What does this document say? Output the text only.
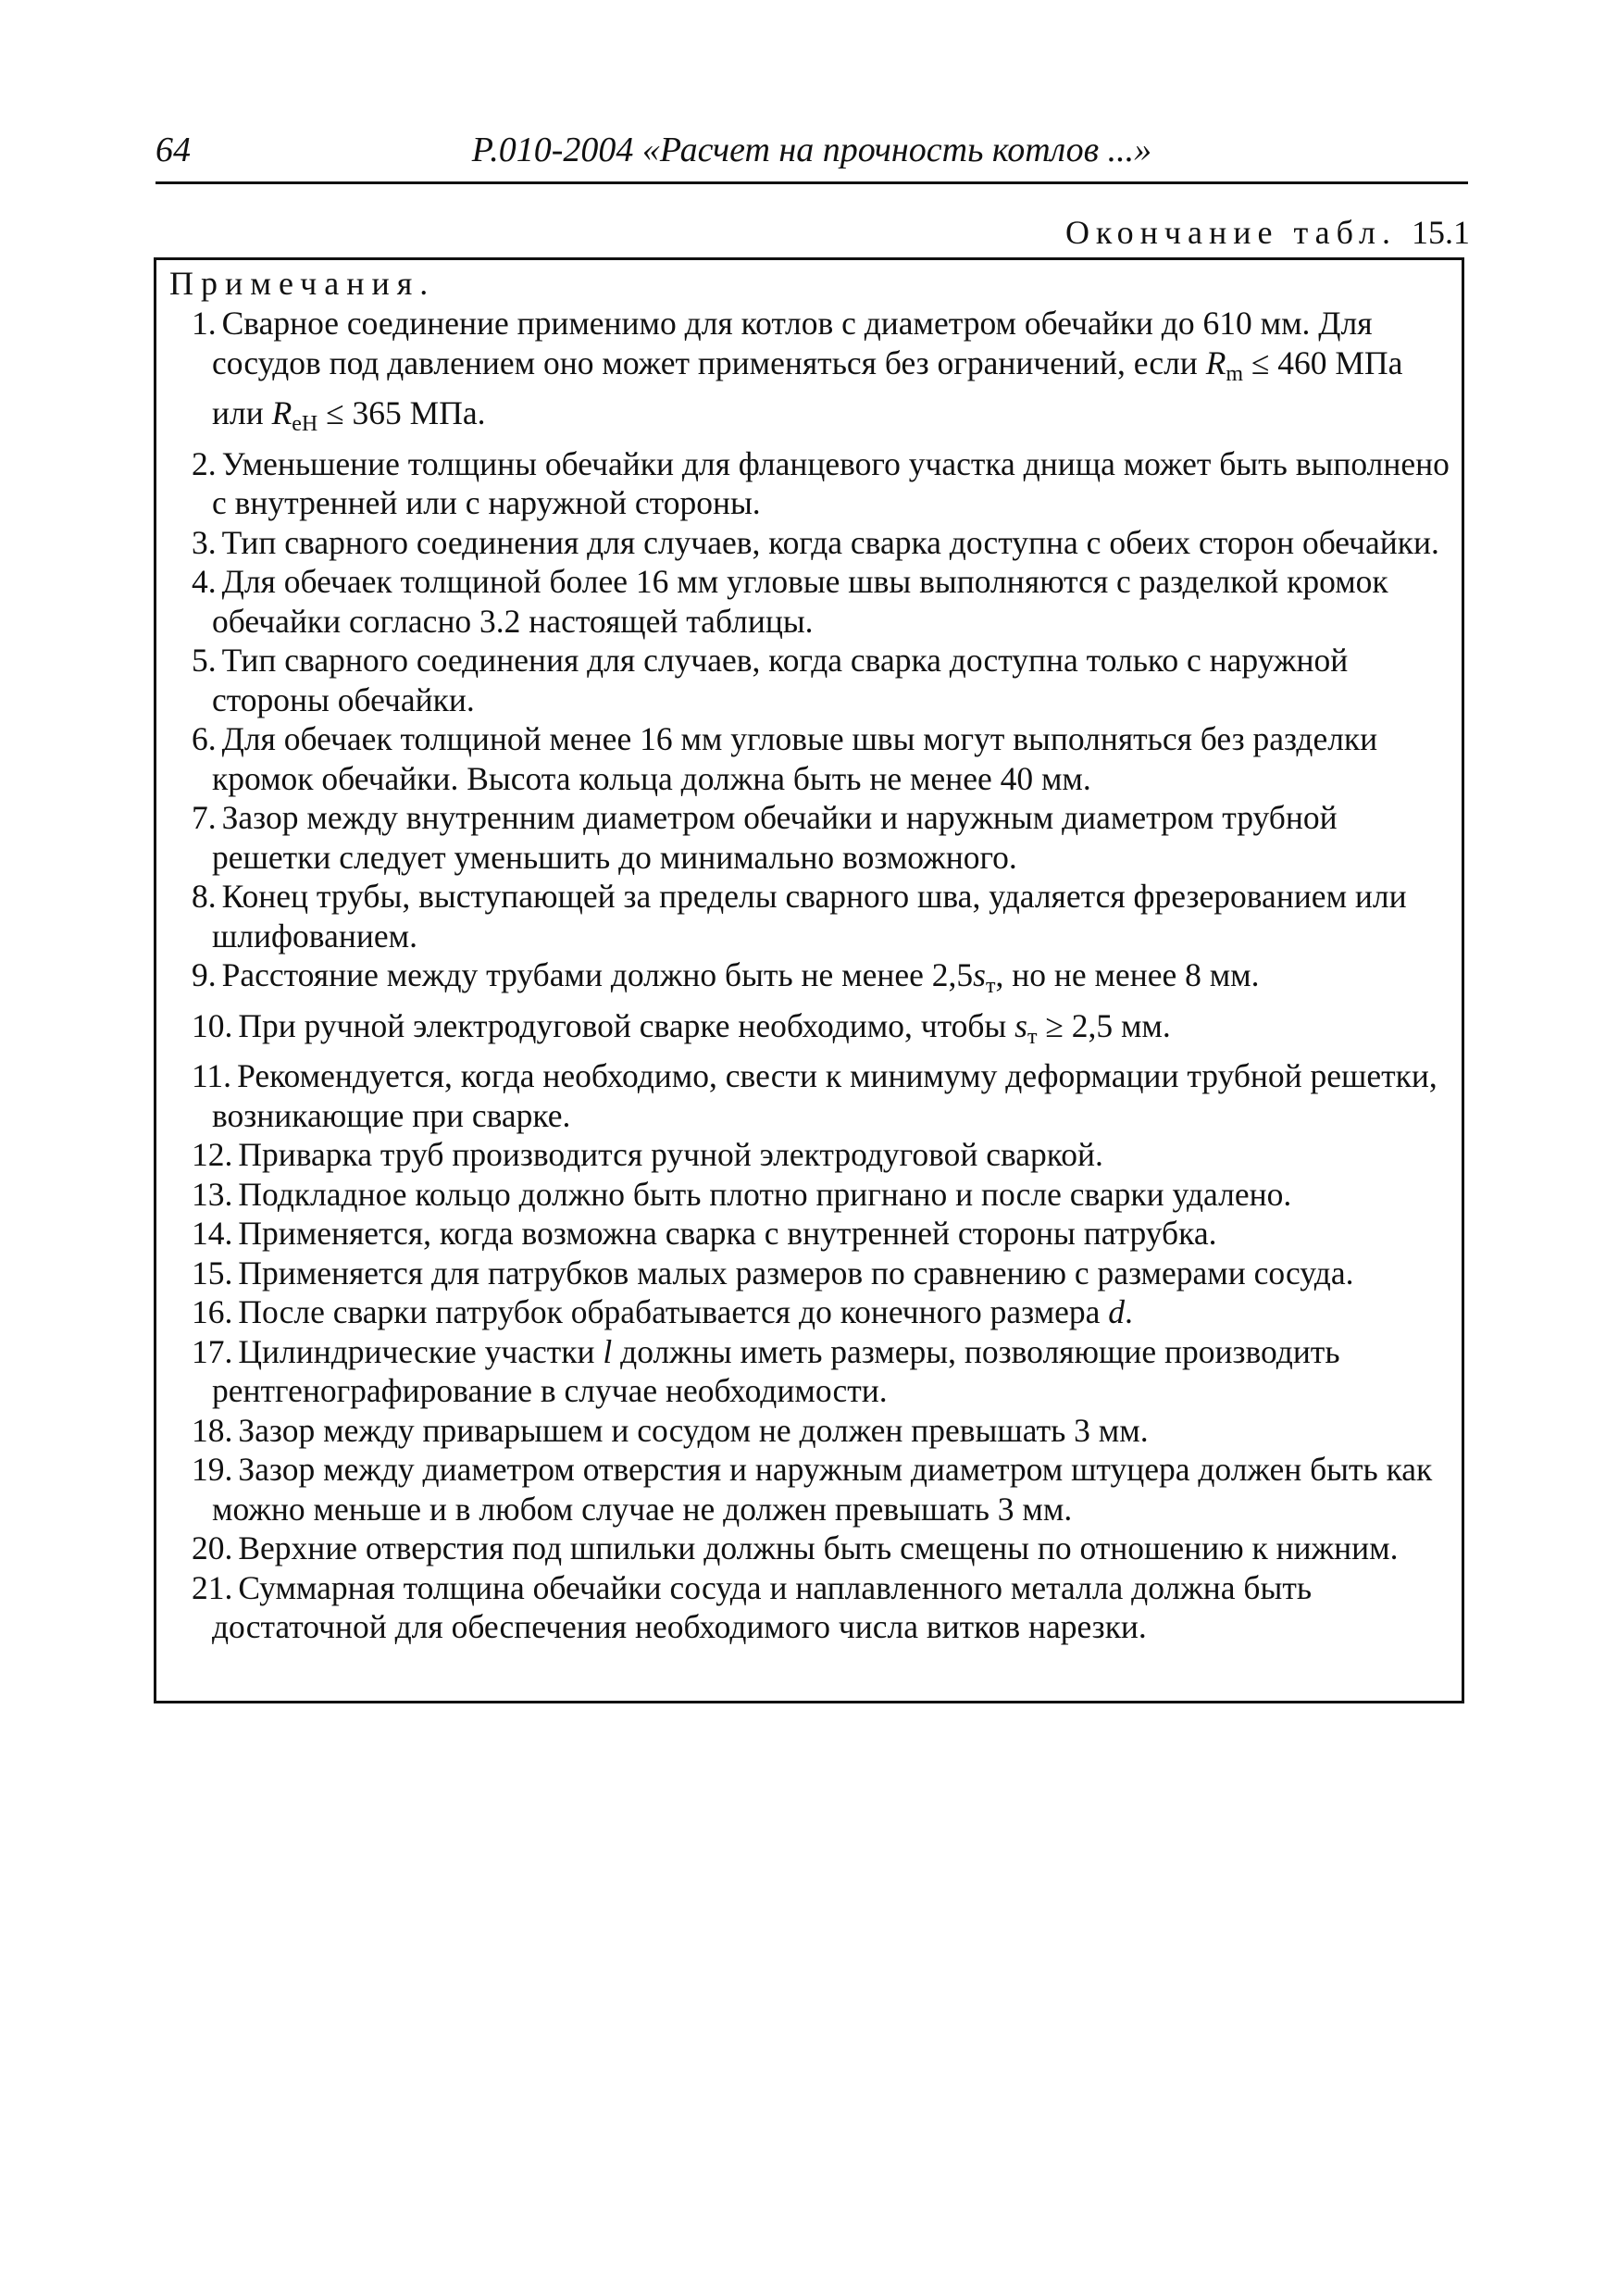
64	Р.010-2004 «Расчет на прочность котлов ...»
Окончание табл. 15.1
Примечания.

1. Сварное соединение применимо для котлов с диаметром обечайки до 610 мм. Для сосудов под давлением оно может применяться без ограничений, если $R_m \le 460$ МПа или $R_{eH} \le 365$ МПа.

2. Уменьшение толщины обечайки для фланцевого участка днища может быть выполнено с внутренней или с наружной стороны.

3. Тип сварного соединения для случаев, когда сварка доступна с обеих сторон обечайки.

4. Для обечаек толщиной более 16 мм угловые швы выполняются с разделкой кромок обечайки согласно 3.2 настоящей таблицы.

5. Тип сварного соединения для случаев, когда сварка доступна только с наружной стороны обечайки.

6. Для обечаек толщиной менее 16 мм угловые швы могут выполняться без разделки кромок обечайки. Высота кольца должна быть не менее 40 мм.

7. Зазор между внутренним диаметром обечайки и наружным диаметром трубной решетки следует уменьшить до минимально возможного.

8. Конец трубы, выступающей за пределы сварного шва, удаляется фрезерованием или шлифованием.

9. Расстояние между трубами должно быть не менее $2,5s_т$, но не менее 8 мм.

10. При ручной электродуговой сварке необходимо, чтобы $s_т \ge 2,5$ мм.

11. Рекомендуется, когда необходимо, свести к минимуму деформации трубной решетки, возникающие при сварке.

12. Приварка труб производится ручной электродуговой сваркой.

13. Подкладное кольцо должно быть плотно пригнано и после сварки удалено.

14. Применяется, когда возможна сварка с внутренней стороны патрубка.

15. Применяется для патрубков малых размеров по сравнению с размерами сосуда.

16. После сварки патрубок обрабатывается до конечного размера d.

17. Цилиндрические участки l должны иметь размеры, позволяющие производить рентгенографирование в случае необходимости.

18. Зазор между приварышем и сосудом не должен превышать 3 мм.

19. Зазор между диаметром отверстия и наружным диаметром штуцера должен быть как можно меньше и в любом случае не должен превышать 3 мм.

20. Верхние отверстия под шпильки должны быть смещены по отношению к нижним.

21. Суммарная толщина обечайки сосуда и наплавленного металла должна быть достаточной для обеспечения необходимого числа витков нарезки.
